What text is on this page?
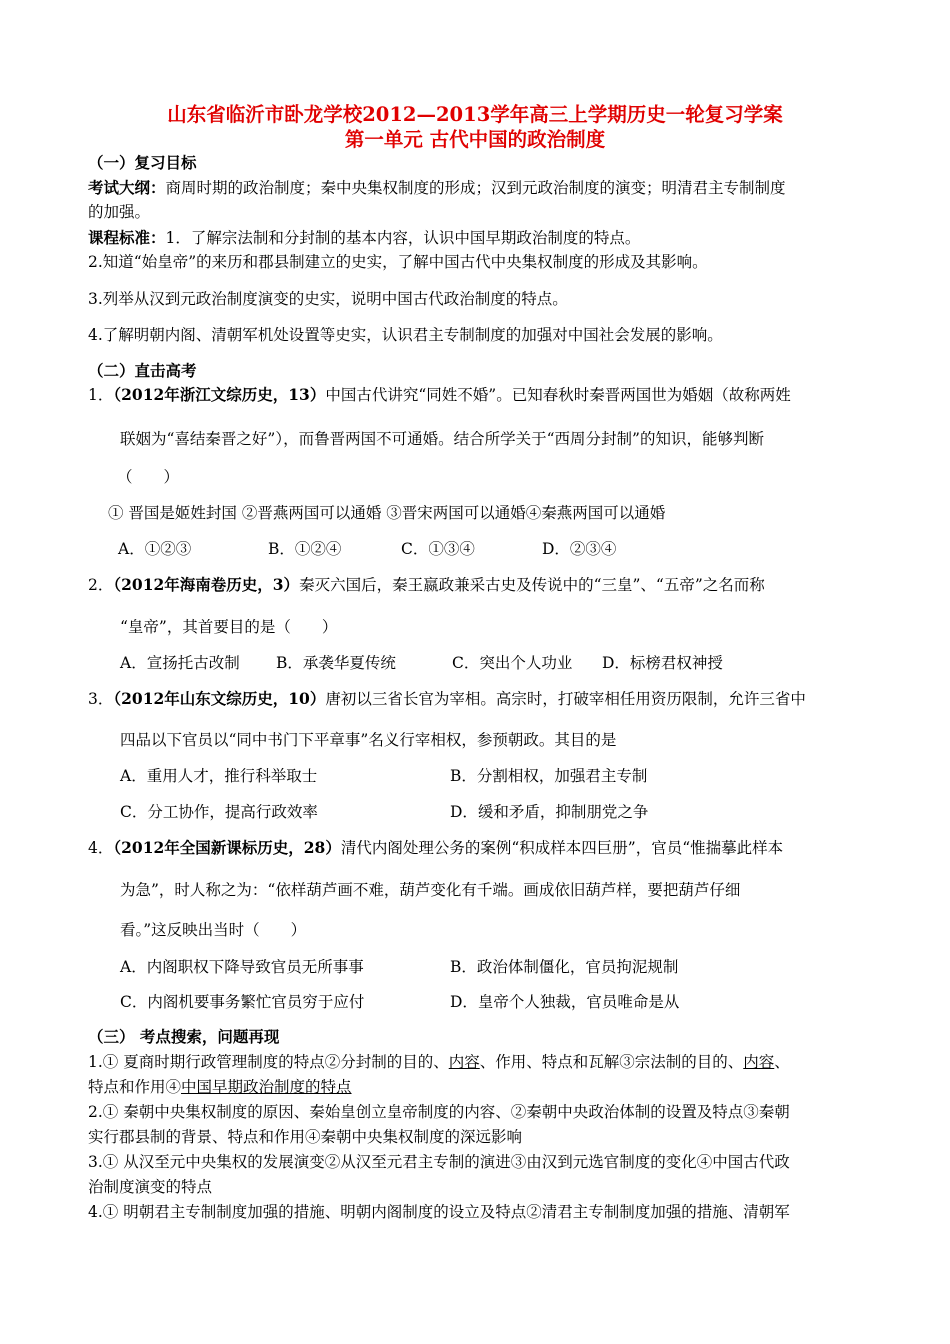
山东省临沂市卧龙学校2012—2013学年高三上学期历史一轮复习学案
第一单元 古代中国的政治制度
（一）复习目标
考试大纲：商周时期的政治制度；秦中央集权制度的形成；汉到元政治制度的演变；明清君主专制制度
的加强。
课程标准：1．了解宗法制和分封制的基本内容，认识中国早期政治制度的特点。
2.知道“始皇帝”的来历和郡县制建立的史实，了解中国古代中央集权制度的形成及其影响。
3.列举从汉到元政治制度演变的史实，说明中国古代政治制度的特点。
4.了解明朝内阁、清朝军机处设置等史实，认识君主专制制度的加强对中国社会发展的影响。
（二）直击高考
1．（2012年浙江文综历史，13）中国古代讲究“同姓不婚”。已知春秋时秦晋两国世为婚姻（故称两姓
联姻为“喜结秦晋之好”），而鲁晋两国不可通婚。结合所学关于“西周分封制”的知识，能够判断
（　　）
① 晋国是姬姓封国 ②晋燕两国可以通婚 ③晋宋两国可以通婚④秦燕两国可以通婚
A．①②③	B．①②④	C．①③④	D．②③④
2．（2012年海南卷历史，3）秦灭六国后，秦王嬴政兼采古史及传说中的“三皇”、“五帝”之名而称
“皇帝”，其首要目的是（　　）
A．宣扬托古改制 B．承袭华夏传统	C．突出个人功业 D．标榜君权神授
3．（2012年山东文综历史，10）唐初以三省长官为宰相。高宗时，打破宰相任用资历限制，允许三省中
四品以下官员以“同中书门下平章事”名义行宰相权，参预朝政。其目的是
A．重用人才，推行科举取士	B．分割相权，加强君主专制
C．分工协作，提高行政效率	D．缓和矛盾，抑制朋党之争
4．（2012年全国新课标历史，28）清代内阁处理公务的案例“积成样本四巨册”，官员“惟揣摹此样本
为急”，时人称之为：“依样葫芦画不难，葫芦变化有千端。画成依旧葫芦样，要把葫芦仔细
看。”这反映出当时（　　）
A．内阁职权下降导致官员无所事事	B．政治体制僵化，官员拘泥规制
C．内阁机要事务繁忙官员穷于应付	D．皇帝个人独裁，官员唯命是从
（三） 考点搜索，问题再现
1.① 夏商时期行政管理制度的特点②分封制的目的、内容、作用、特点和瓦解③宗法制的目的、内容、
特点和作用④中国早期政治制度的特点
2.① 秦朝中央集权制度的原因、秦始皇创立皇帝制度的内容、②秦朝中央政治体制的设置及特点③秦朝
实行郡县制的背景、特点和作用④秦朝中央集权制度的深远影响
3.① 从汉至元中央集权的发展演变②从汉至元君主专制的演进③由汉到元选官制度的变化④中国古代政
治制度演变的特点
4.① 明朝君主专制制度加强的措施、明朝内阁制度的设立及特点②清君主专制制度加强的措施、清朝军
